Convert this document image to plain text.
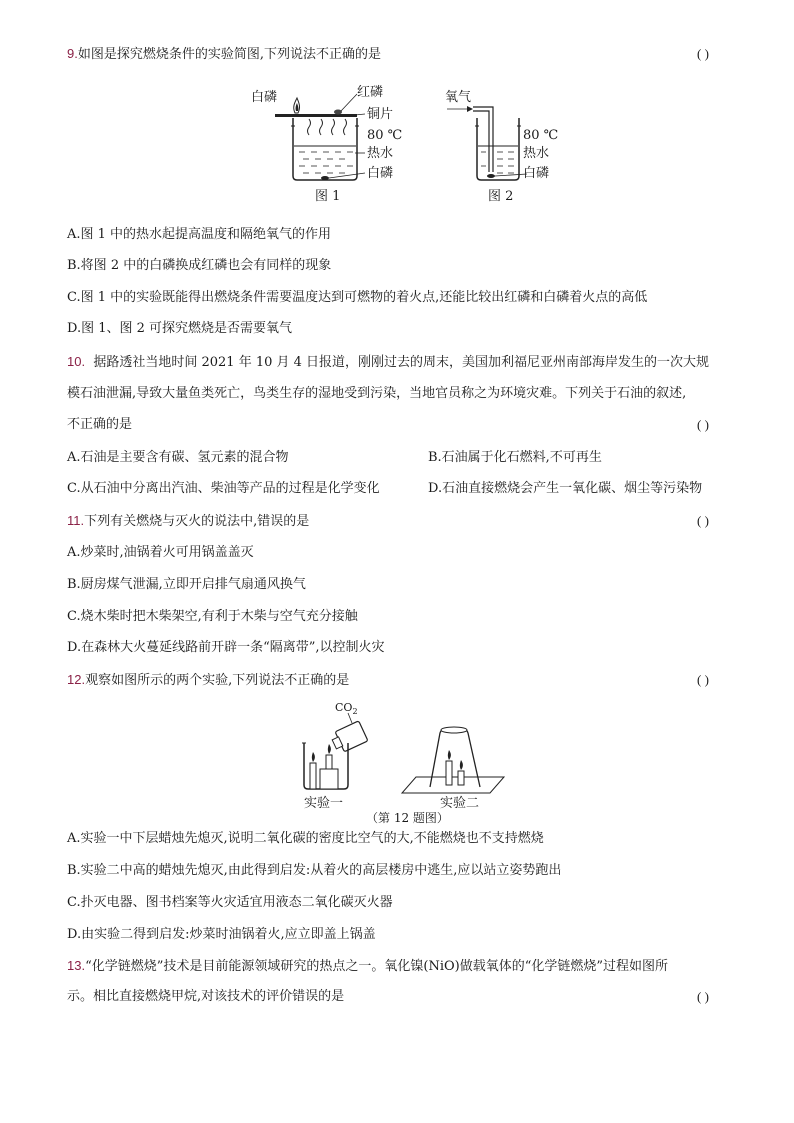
9.如图是探究燃烧条件的实验简图,下列说法不正确的是	( )
白磷	红磷
铜片
80 ℃
热水
白磷
图 1
氧气
80 ℃
热水
白磷
图 2
A.图 1 中的热水起提高温度和隔绝氧气的作用
B.将图 2 中的白磷换成红磷也会有同样的现象
C.图 1 中的实验既能得出燃烧条件需要温度达到可燃物的着火点,还能比较出红磷和白磷着火点的高低
D.图 1、图 2 可探究燃烧是否需要氧气
10. 据路透社当地时间 2021 年 10 月 4 日报道，刚刚过去的周末，美国加利福尼亚州南部海岸发生的一次大规
模石油泄漏,导致大量鱼类死亡，鸟类生存的湿地受到污染，当地官员称之为环境灾难。下列关于石油的叙述,
不正确的是	( )
A.石油是主要含有碳、氢元素的混合物	B.石油属于化石燃料,不可再生
C.从石油中分离出汽油、柴油等产品的过程是化学变化	D.石油直接燃烧会产生一氧化碳、烟尘等污染物
11.下列有关燃烧与灭火的说法中,错误的是	( )
A.炒菜时,油锅着火可用锅盖盖灭
B.厨房煤气泄漏,立即开启排气扇通风换气
C.烧木柴时把木柴架空,有利于木柴与空气充分接触
D.在森林大火蔓延线路前开辟一条“隔离带”,以控制火灾
12.观察如图所示的两个实验,下列说法不正确的是	( )
$CO_2$
实验一	实验二
（第 12 题图）
A.实验一中下层蜡烛先熄灭,说明二氧化碳的密度比空气的大,不能燃烧也不支持燃烧
B.实验二中高的蜡烛先熄灭,由此得到启发:从着火的高层楼房中逃生,应以站立姿势跑出
C.扑灭电器、图书档案等火灾适宜用液态二氧化碳灭火器
D.由实验二得到启发:炒菜时油锅着火,应立即盖上锅盖
13.“化学链燃烧”技术是目前能源领域研究的热点之一。氧化镍(NiO)做载氧体的“化学链燃烧”过程如图所
示。相比直接燃烧甲烷,对该技术的评价错误的是	( )
